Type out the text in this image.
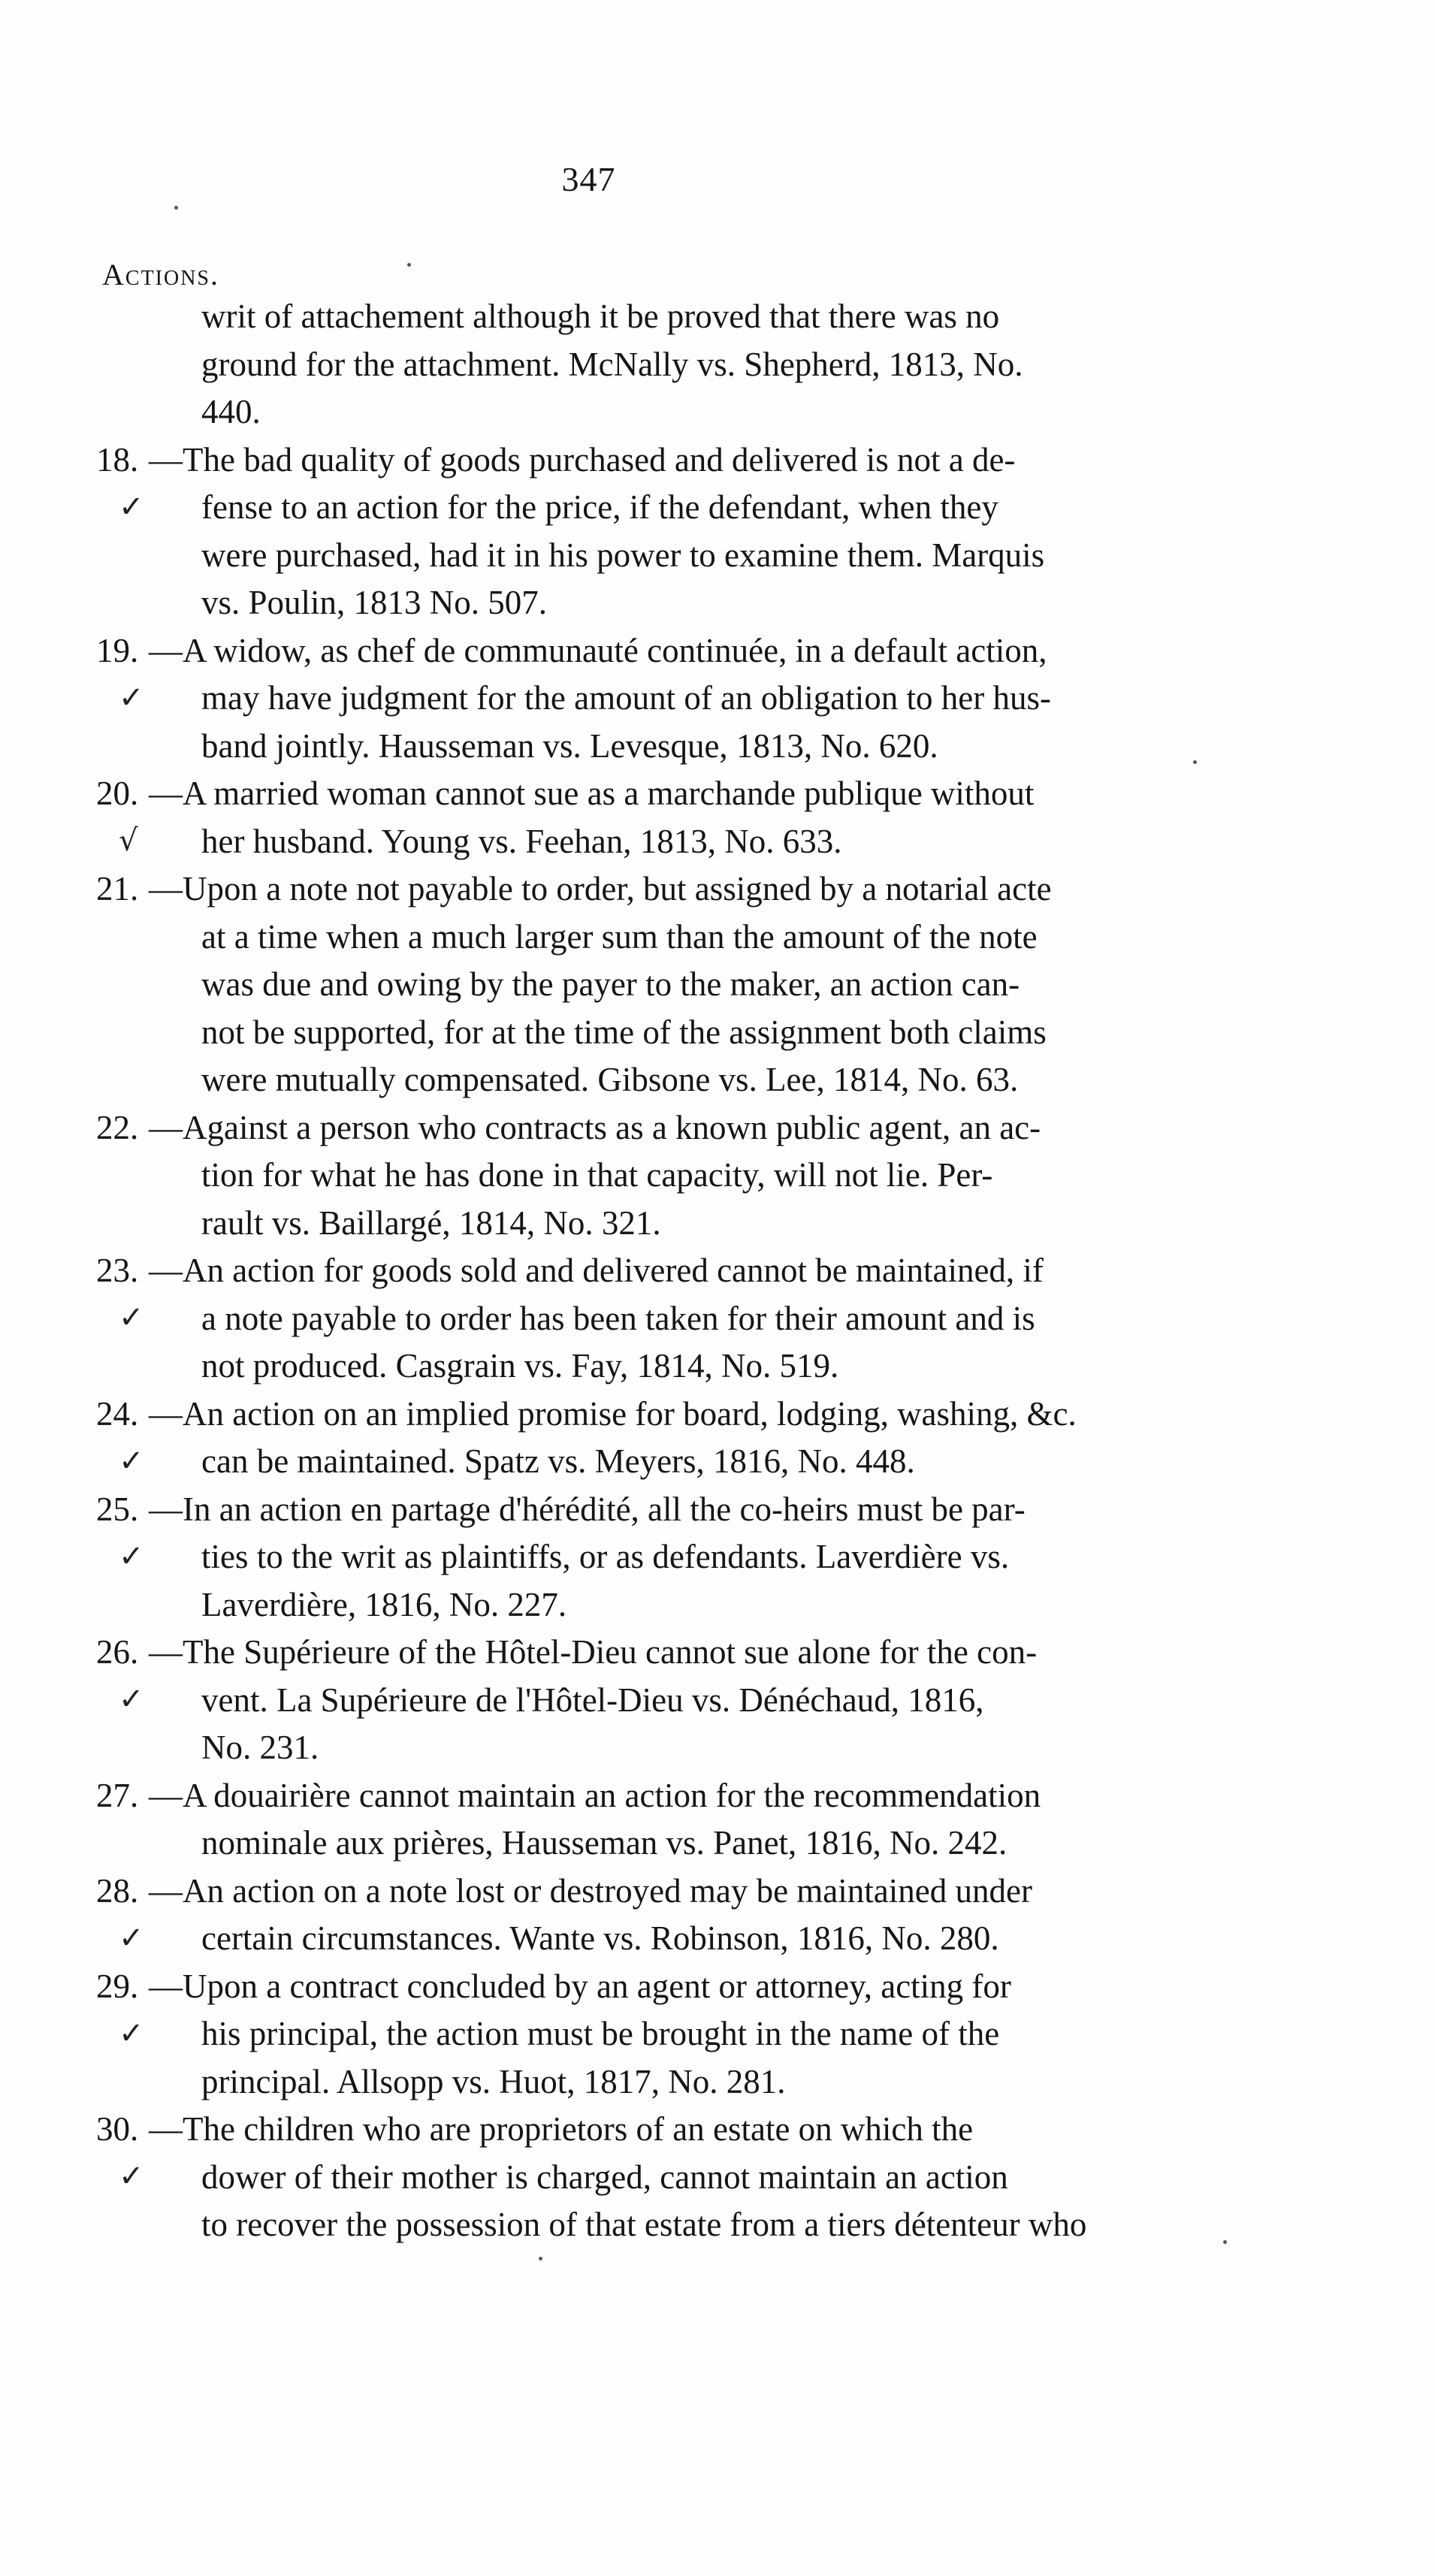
347
Actions.

writ of attachement although it be proved that there was no

ground for the attachment. McNally vs. Shepherd, 1813, No.

440.

18. —The bad quality of goods purchased and delivered is not a de-

fense to an action for the price, if the defendant, when they

were purchased, had it in his power to examine them. Marquis

vs. Poulin, 1813 No. 507.

✓
19. —A widow, as chef de communauté continuée, in a default action,

may have judgment for the amount of an obligation to her hus-

band jointly. Hausseman vs. Levesque, 1813, No. 620.

✓
20. —A married woman cannot sue as a marchande publique without

her husband. Young vs. Feehan, 1813, No. 633.

√
21. —Upon a note not payable to order, but assigned by a notarial acte

at a time when a much larger sum than the amount of the note

was due and owing by the payer to the maker, an action can-

not be supported, for at the time of the assignment both claims

were mutually compensated. Gibsone vs. Lee, 1814, No. 63.

22. —Against a person who contracts as a known public agent, an ac-

tion for what he has done in that capacity, will not lie. Per-

rault vs. Baillargé, 1814, No. 321.

23. —An action for goods sold and delivered cannot be maintained, if

a note payable to order has been taken for their amount and is

not produced. Casgrain vs. Fay, 1814, No. 519.

✓
24. —An action on an implied promise for board, lodging, washing, &c.

can be maintained. Spatz vs. Meyers, 1816, No. 448.

✓
25. —In an action en partage d'hérédité, all the co-heirs must be par-

ties to the writ as plaintiffs, or as defendants. Laverdière vs.

Laverdière, 1816, No. 227.

✓
26. —The Supérieure of the Hôtel-Dieu cannot sue alone for the con-

vent. La Supérieure de l'Hôtel-Dieu vs. Dénéchaud, 1816,

No. 231.

✓
27. —A douairière cannot maintain an action for the recommendation

nominale aux prières, Hausseman vs. Panet, 1816, No. 242.

28. —An action on a note lost or destroyed may be maintained under

certain circumstances. Wante vs. Robinson, 1816, No. 280.

✓
29. —Upon a contract concluded by an agent or attorney, acting for

his principal, the action must be brought in the name of the

principal. Allsopp vs. Huot, 1817, No. 281.

✓
30. —The children who are proprietors of an estate on which the

dower of their mother is charged, cannot maintain an action

to recover the possession of that estate from a tiers détenteur who

✓
